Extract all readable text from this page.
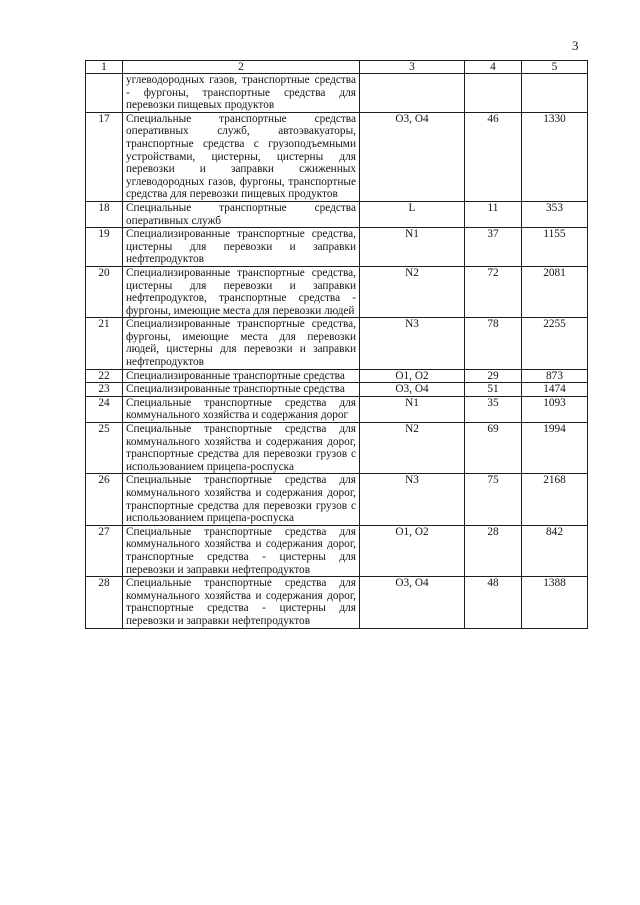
3
1	2	3	4	5
	углеводородных газов, транспортные средства - фургоны, транспортные средства для перевозки пищевых продуктов			
17	Специальные транспортные средства оперативных служб, автоэвакуаторы, транспортные средства с грузоподъемными устройствами, цистерны, цистерны для перевозки и заправки сжиженных углеводородных газов, фургоны, транспортные средства для перевозки пищевых продуктов	O3, O4	46	1330
18	Специальные транспортные средства оперативных служб	L	11	353
19	Специализированные транспортные средства, цистерны для перевозки и заправки нефтепродуктов	N1	37	1155
20	Специализированные транспортные средства, цистерны для перевозки и заправки нефтепродуктов, транспортные средства - фургоны, имеющие места для перевозки людей	N2	72	2081
21	Специализированные транспортные средства, фургоны, имеющие места для перевозки людей, цистерны для перевозки и заправки нефтепродуктов	N3	78	2255
22	Специализированные транспортные средства	O1, O2	29	873
23	Специализированные транспортные средства	O3, O4	51	1474
24	Специальные транспортные средства для коммунального хозяйства и содержания дорог	N1	35	1093
25	Специальные транспортные средства для коммунального хозяйства и содержания дорог, транспортные средства для перевозки грузов с использованием прицепа-роспуска	N2	69	1994
26	Специальные транспортные средства для коммунального хозяйства и содержания дорог, транспортные средства для перевозки грузов с использованием прицепа-роспуска	N3	75	2168
27	Специальные транспортные средства для коммунального хозяйства и содержания дорог, транспортные средства - цистерны для перевозки и заправки нефтепродуктов	O1, O2	28	842
28	Специальные транспортные средства для коммунального хозяйства и содержания дорог, транспортные средства - цистерны для перевозки и заправки нефтепродуктов	O3, O4	48	1388
